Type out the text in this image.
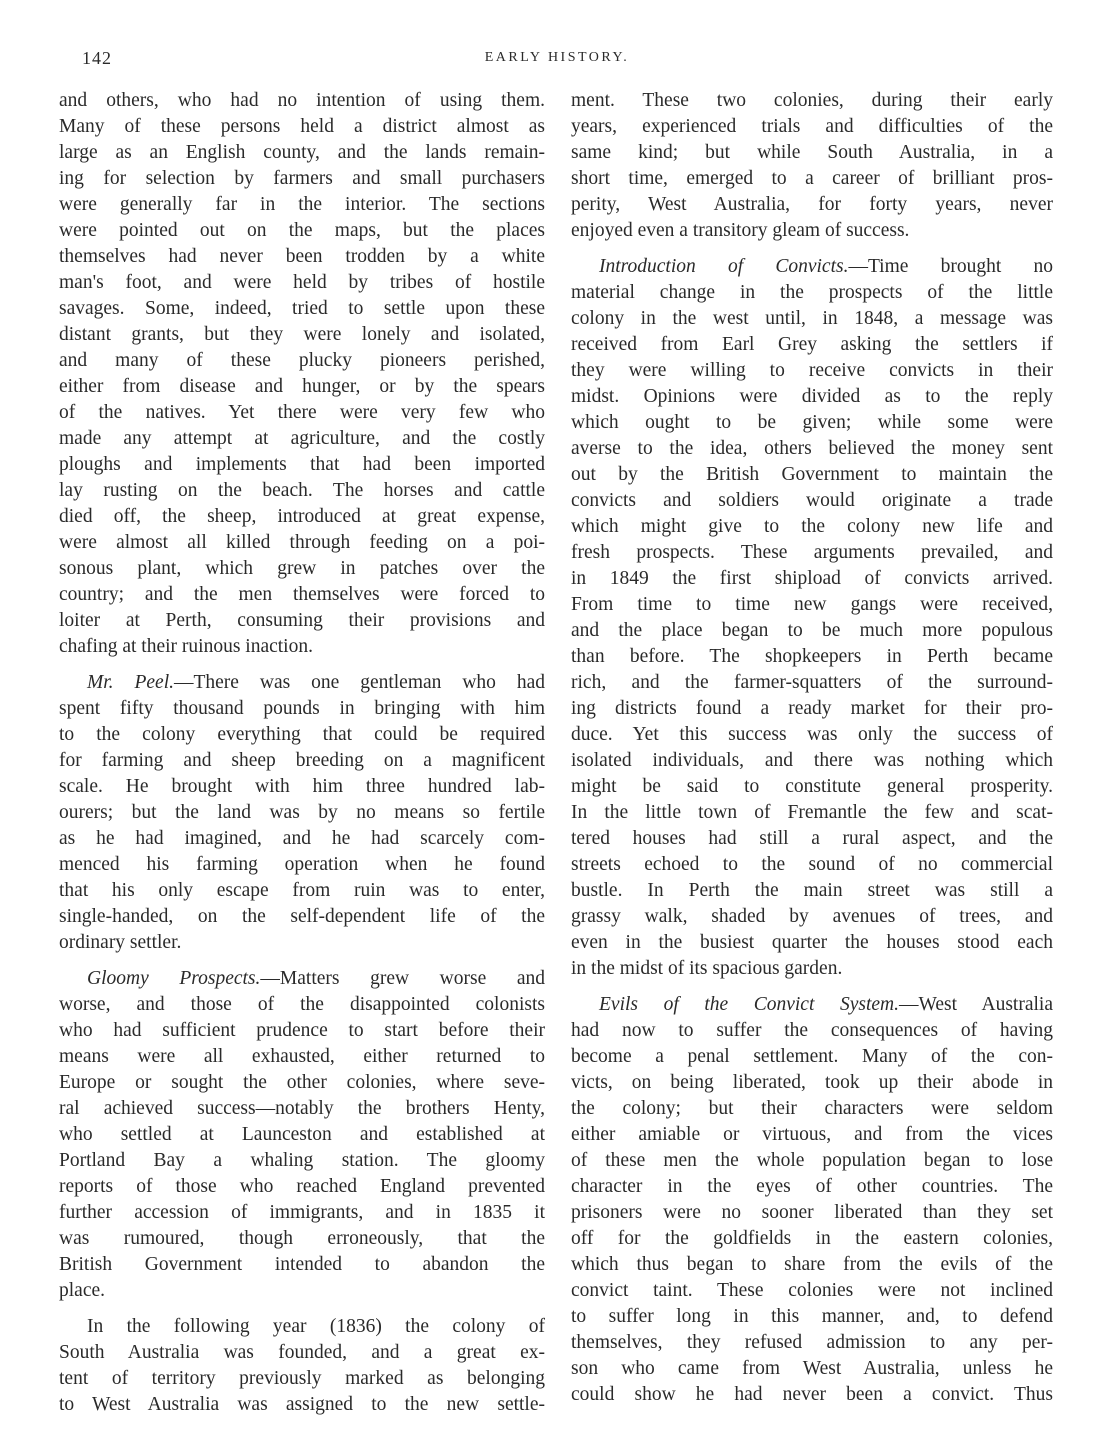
142	EARLY HISTORY.
and others, who had no intention of using them.
Many of these persons held a district almost as
large as an English county, and the lands remain-
ing for selection by farmers and small purchasers
were generally far in the interior. The sections
were pointed out on the maps, but the places
themselves had never been trodden by a white
man's foot, and were held by tribes of hostile
savages. Some, indeed, tried to settle upon these
distant grants, but they were lonely and isolated,
and many of these plucky pioneers perished,
either from disease and hunger, or by the spears
of the natives. Yet there were very few who
made any attempt at agriculture, and the costly
ploughs and implements that had been imported
lay rusting on the beach. The horses and cattle
died off, the sheep, introduced at great expense,
were almost all killed through feeding on a poi-
sonous plant, which grew in patches over the
country; and the men themselves were forced to
loiter at Perth, consuming their provisions and
chafing at their ruinous inaction.
Mr. Peel.—There was one gentleman who had
spent fifty thousand pounds in bringing with him
to the colony everything that could be required
for farming and sheep breeding on a magnificent
scale. He brought with him three hundred lab-
ourers; but the land was by no means so fertile
as he had imagined, and he had scarcely com-
menced his farming operation when he found
that his only escape from ruin was to enter,
single-handed, on the self-dependent life of the
ordinary settler.
Gloomy Prospects.—Matters grew worse and
worse, and those of the disappointed colonists
who had sufficient prudence to start before their
means were all exhausted, either returned to
Europe or sought the other colonies, where seve-
ral achieved success—notably the brothers Henty,
who settled at Launceston and established at
Portland Bay a whaling station. The gloomy
reports of those who reached England prevented
further accession of immigrants, and in 1835 it
was rumoured, though erroneously, that the
British Government intended to abandon the
place.
In the following year (1836) the colony of
South Australia was founded, and a great ex-
tent of territory previously marked as belonging
to West Australia was assigned to the new settle-
ment. These two colonies, during their early
years, experienced trials and difficulties of the
same kind; but while South Australia, in a
short time, emerged to a career of brilliant pros-
perity, West Australia, for forty years, never
enjoyed even a transitory gleam of success.
Introduction of Convicts.—Time brought no
material change in the prospects of the little
colony in the west until, in 1848, a message was
received from Earl Grey asking the settlers if
they were willing to receive convicts in their
midst. Opinions were divided as to the reply
which ought to be given; while some were
averse to the idea, others believed the money sent
out by the British Government to maintain the
convicts and soldiers would originate a trade
which might give to the colony new life and
fresh prospects. These arguments prevailed, and
in 1849 the first shipload of convicts arrived.
From time to time new gangs were received,
and the place began to be much more populous
than before. The shopkeepers in Perth became
rich, and the farmer-squatters of the surround-
ing districts found a ready market for their pro-
duce. Yet this success was only the success of
isolated individuals, and there was nothing which
might be said to constitute general prosperity.
In the little town of Fremantle the few and scat-
tered houses had still a rural aspect, and the
streets echoed to the sound of no commercial
bustle. In Perth the main street was still a
grassy walk, shaded by avenues of trees, and
even in the busiest quarter the houses stood each
in the midst of its spacious garden.
Evils of the Convict System.—West Australia
had now to suffer the consequences of having
become a penal settlement. Many of the con-
victs, on being liberated, took up their abode in
the colony; but their characters were seldom
either amiable or virtuous, and from the vices
of these men the whole population began to lose
character in the eyes of other countries. The
prisoners were no sooner liberated than they set
off for the goldfields in the eastern colonies,
which thus began to share from the evils of the
convict taint. These colonies were not inclined
to suffer long in this manner, and, to defend
themselves, they refused admission to any per-
son who came from West Australia, unless he
could show he had never been a convict. Thus
